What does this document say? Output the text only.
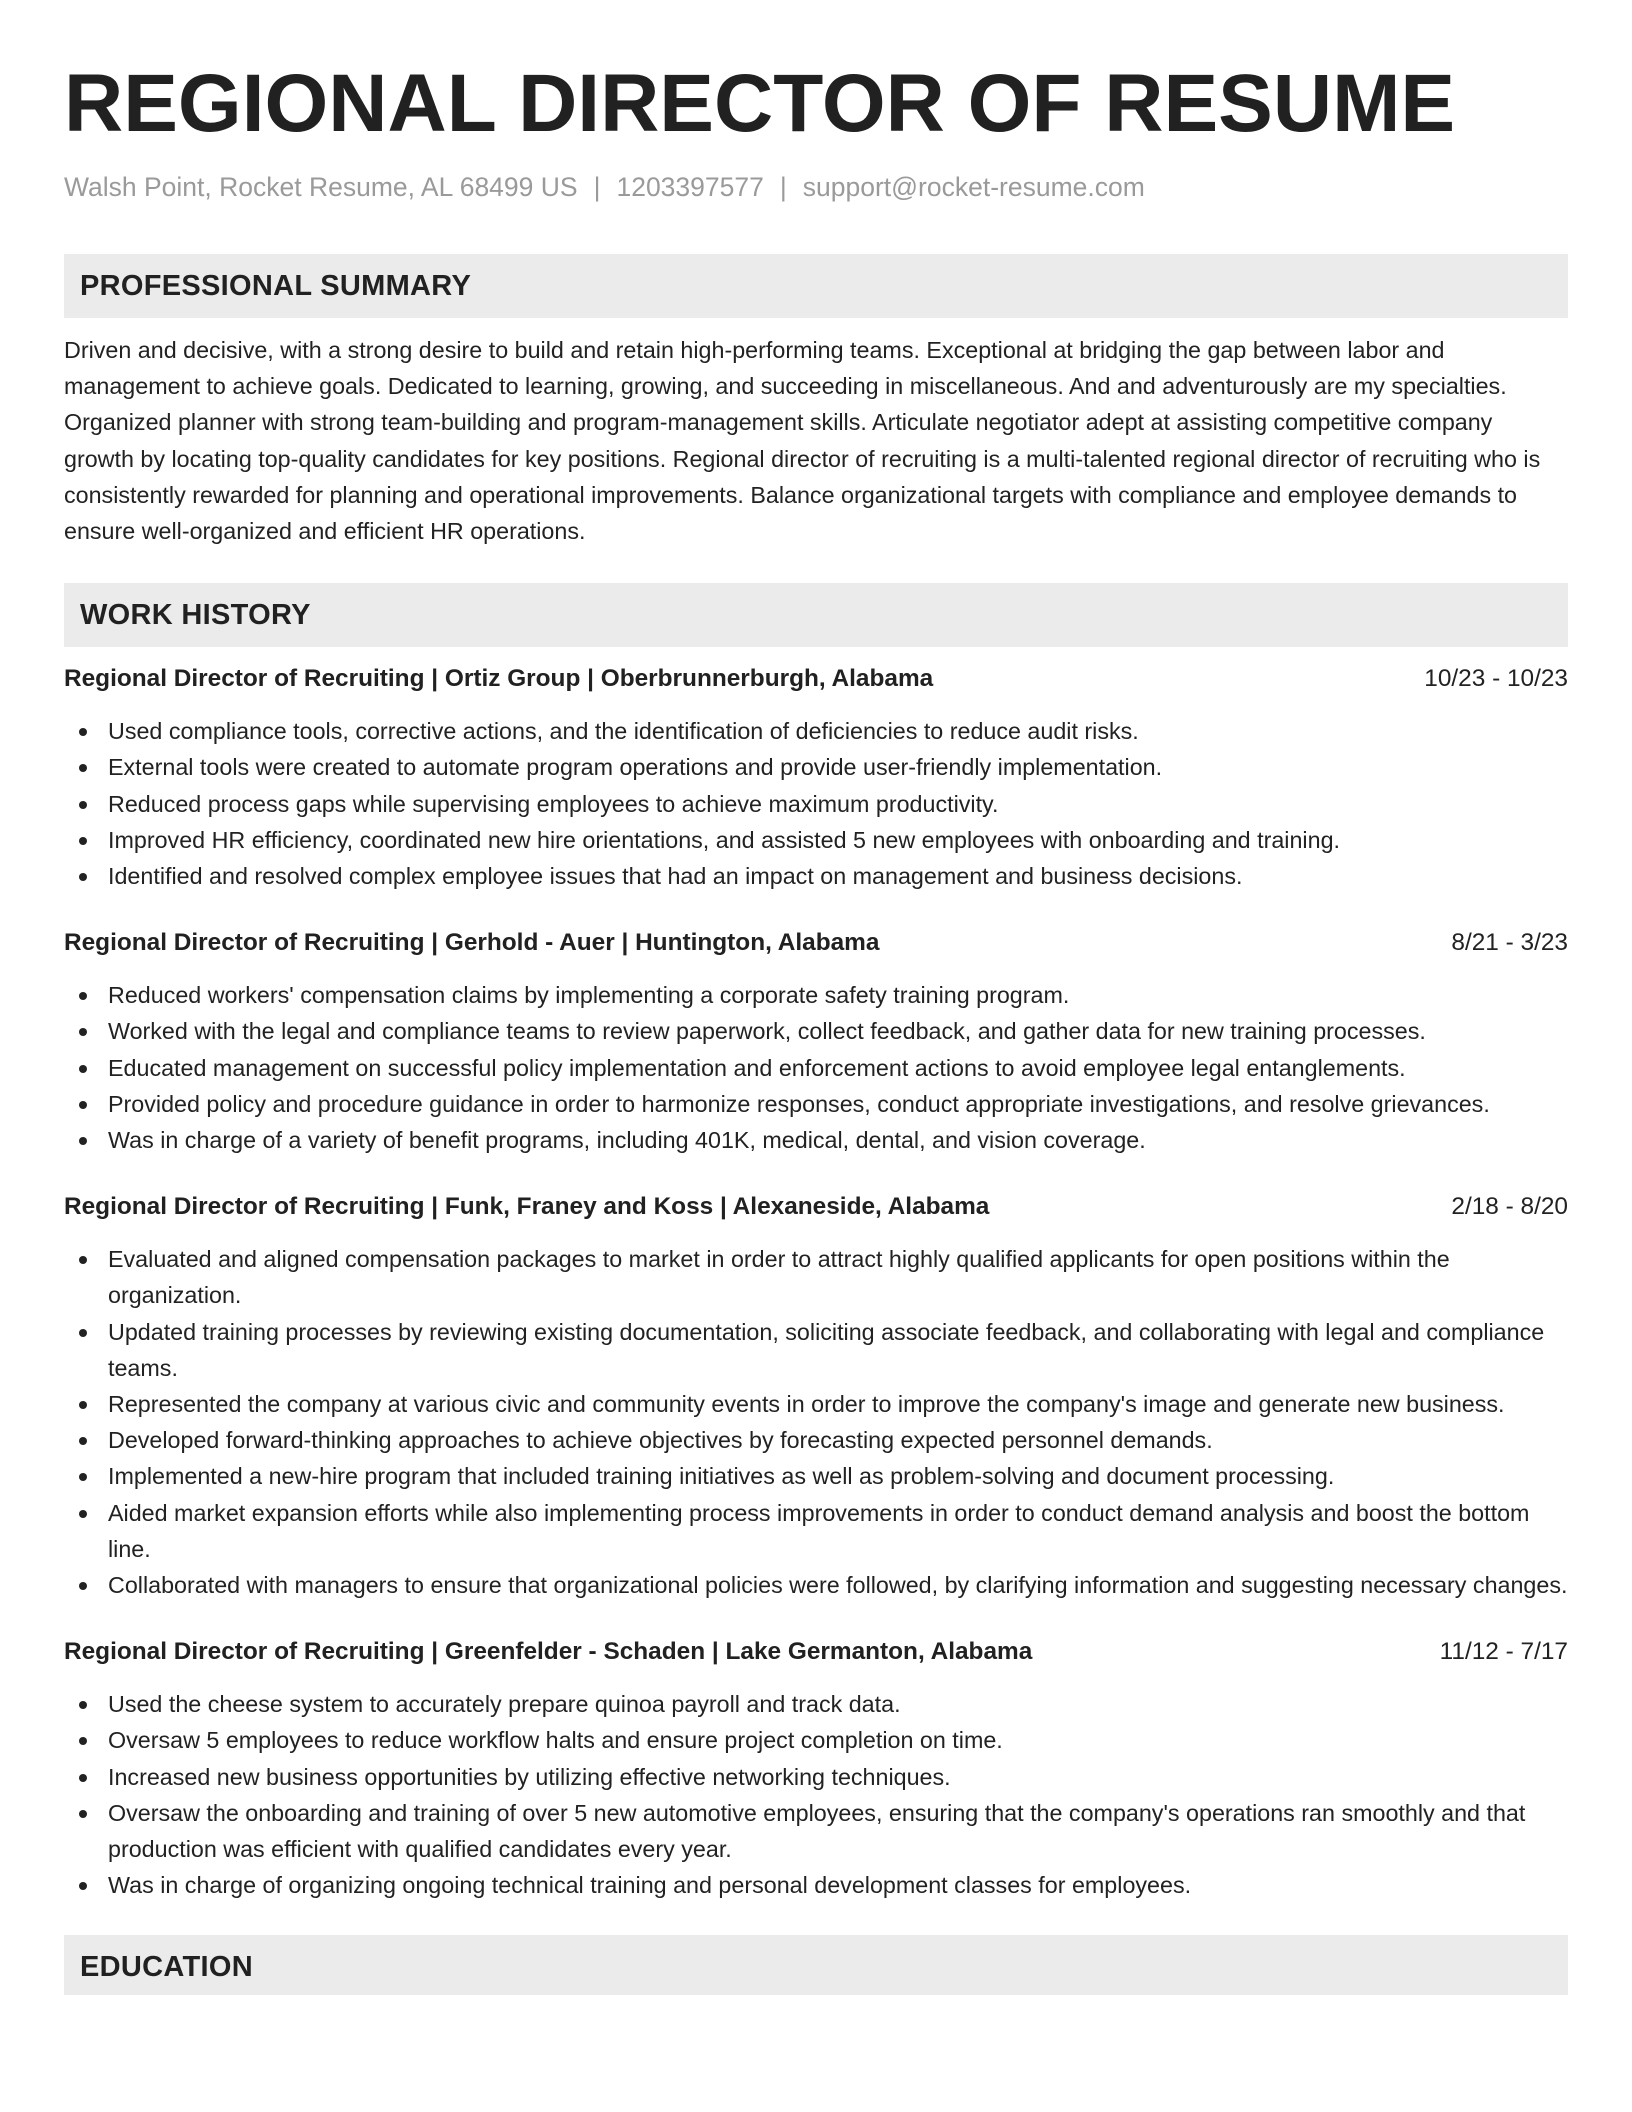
REGIONAL DIRECTOR OF RESUME
Walsh Point, Rocket Resume, AL 68499 US | 1203397577 | support@rocket-resume.com
PROFESSIONAL SUMMARY
Driven and decisive, with a strong desire to build and retain high-performing teams. Exceptional at bridging the gap between labor and management to achieve goals. Dedicated to learning, growing, and succeeding in miscellaneous. And and adventurously are my specialties. Organized planner with strong team-building and program-management skills. Articulate negotiator adept at assisting competitive company growth by locating top-quality candidates for key positions. Regional director of recruiting is a multi-talented regional director of recruiting who is consistently rewarded for planning and operational improvements. Balance organizational targets with compliance and employee demands to ensure well-organized and efficient HR operations.
WORK HISTORY
Regional Director of Recruiting | Ortiz Group | Oberbrunnerburgh, Alabama	10/23 - 10/23
Used compliance tools, corrective actions, and the identification of deficiencies to reduce audit risks.
External tools were created to automate program operations and provide user-friendly implementation.
Reduced process gaps while supervising employees to achieve maximum productivity.
Improved HR efficiency, coordinated new hire orientations, and assisted 5 new employees with onboarding and training.
Identified and resolved complex employee issues that had an impact on management and business decisions.
Regional Director of Recruiting | Gerhold - Auer | Huntington, Alabama	8/21 - 3/23
Reduced workers' compensation claims by implementing a corporate safety training program.
Worked with the legal and compliance teams to review paperwork, collect feedback, and gather data for new training processes.
Educated management on successful policy implementation and enforcement actions to avoid employee legal entanglements.
Provided policy and procedure guidance in order to harmonize responses, conduct appropriate investigations, and resolve grievances.
Was in charge of a variety of benefit programs, including 401K, medical, dental, and vision coverage.
Regional Director of Recruiting | Funk, Franey and Koss | Alexaneside, Alabama	2/18 - 8/20
Evaluated and aligned compensation packages to market in order to attract highly qualified applicants for open positions within the organization.
Updated training processes by reviewing existing documentation, soliciting associate feedback, and collaborating with legal and compliance teams.
Represented the company at various civic and community events in order to improve the company's image and generate new business.
Developed forward-thinking approaches to achieve objectives by forecasting expected personnel demands.
Implemented a new-hire program that included training initiatives as well as problem-solving and document processing.
Aided market expansion efforts while also implementing process improvements in order to conduct demand analysis and boost the bottom line.
Collaborated with managers to ensure that organizational policies were followed, by clarifying information and suggesting necessary changes.
Regional Director of Recruiting | Greenfelder - Schaden | Lake Germanton, Alabama	11/12 - 7/17
Used the cheese system to accurately prepare quinoa payroll and track data.
Oversaw 5 employees to reduce workflow halts and ensure project completion on time.
Increased new business opportunities by utilizing effective networking techniques.
Oversaw the onboarding and training of over 5 new automotive employees, ensuring that the company's operations ran smoothly and that production was efficient with qualified candidates every year.
Was in charge of organizing ongoing technical training and personal development classes for employees.
EDUCATION
